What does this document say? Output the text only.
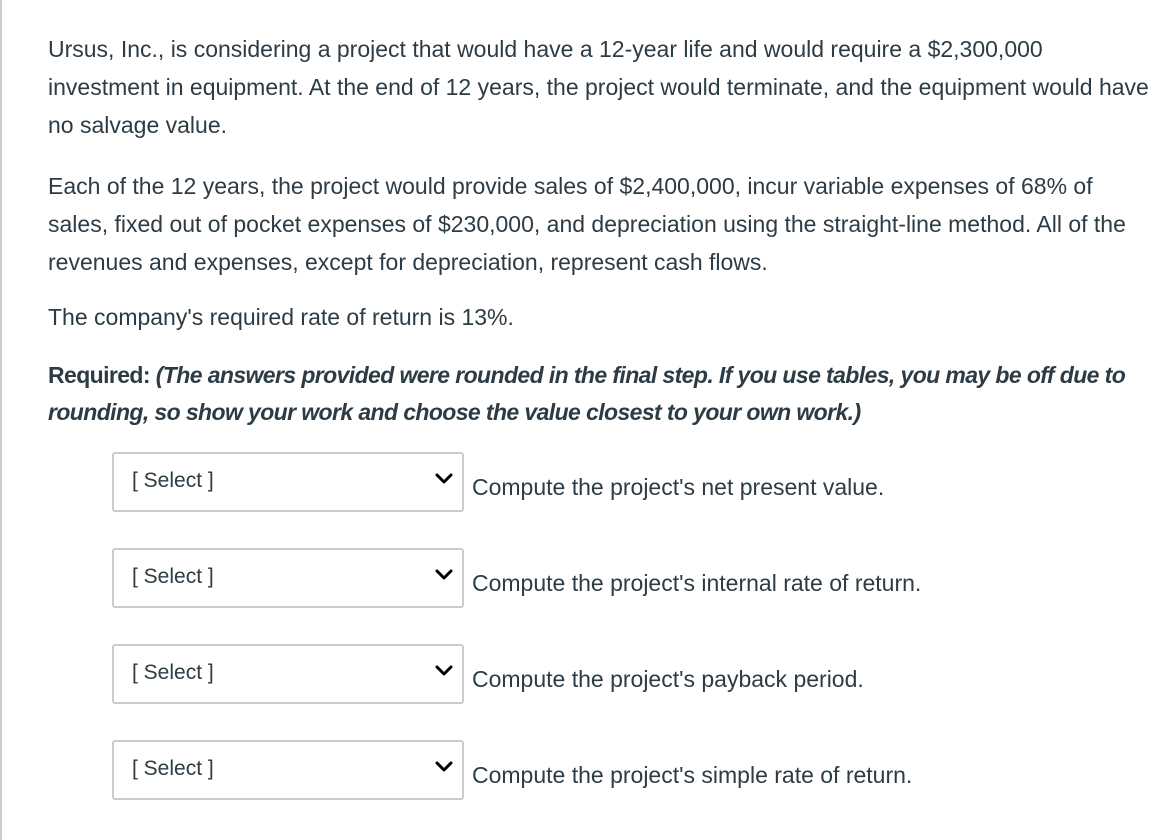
Ursus, Inc., is considering a project that would have a 12-year life and would require a $2,300,000 investment in equipment. At the end of 12 years, the project would terminate, and the equipment would have no salvage value.

Each of the 12 years, the project would provide sales of $2,400,000, incur variable expenses of 68% of sales, fixed out of pocket expenses of $230,000, and depreciation using the straight-line method. All of the revenues and expenses, except for depreciation, represent cash flows.

The company's required rate of return is 13%.

Required: (The answers provided were rounded in the final step. If you use tables, you may be off due to rounding, so show your work and choose the value closest to your own work.)

[ Select ]	Compute the project's net present value.
[ Select ]	Compute the project's internal rate of return.
[ Select ]	Compute the project's payback period.
[ Select ]	Compute the project's simple rate of return.
